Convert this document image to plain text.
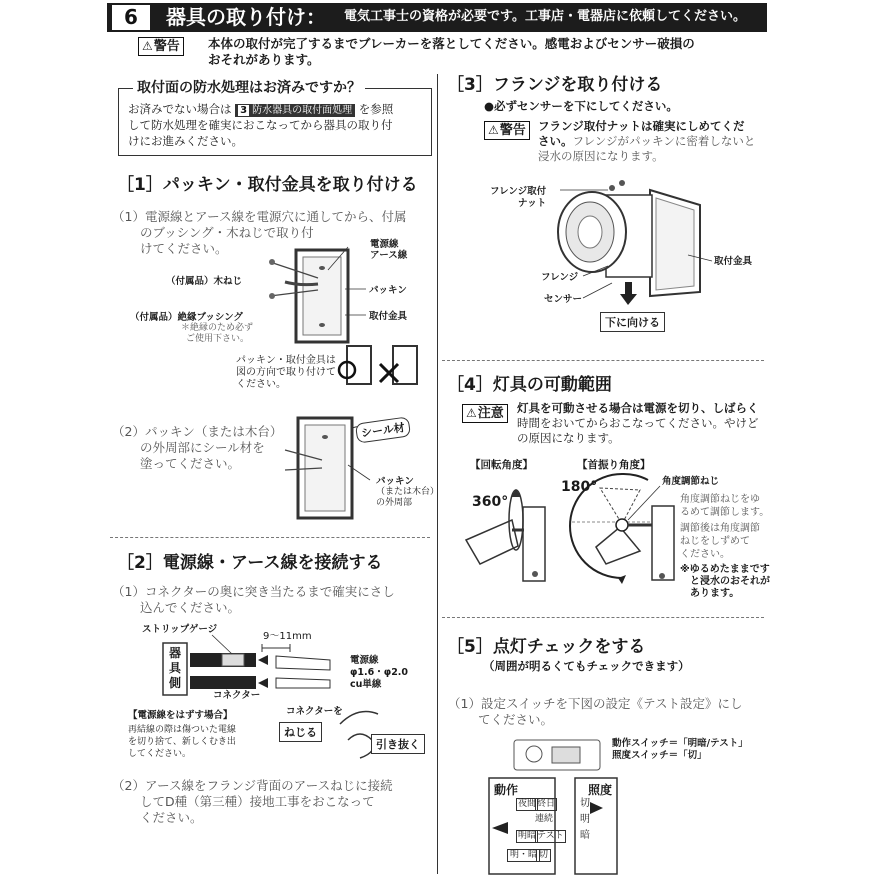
6	器具の取り付け： 電気工事士の資格が必要です。工事店・電器店に依頼してください。
⚠警告	本体の取付が完了するまでブレーカーを落としてください。感電およびセンサー破損の
おそれがあります。
取付面の防水処理はお済みですか？
お済みでない場合は 3 防水器具の取付面処理 を参照
して防水処理を確実におこなってから器具の取り付
けにお進みください。
［1］パッキン・取付金具を取り付ける
（1）電源線とアース線を電源穴に通してから、付属
のブッシング・木ねじで取り付
けてください。	電源線
アース線
（付属品）木ねじ
パッキン
（付属品）絶縁ブッシング
＊絶縁のため必ず
ご使用下さい。
取付金具
パッキン・取付金具は
図の方向で取り付けて
ください。
（2）パッキン（または木台）
の外周部にシール材を
塗ってください。
シール材
パッキン
（または木台）
の外周部
［2］電源線・アース線を接続する
（1）コネクターの奥に突き当たるまで確実にさし
込んでください。
ストリップゲージ
9～11mm
器具側
電源線
φ1.6・φ2.0
cu単線
コネクター
【電源線をはずす場合】
再結線の際は傷ついた電線
を切り捨て、新しくむき出
してください。
コネクターを
ねじる
引き抜く
（2）アース線をフランジ背面のアースねじに接続
してD種（第三種）接地工事をおこなって
ください。
［3］フランジを取り付ける
●必ずセンサーを下にしてください。
⚠警告	フランジ取付ナットは確実にしめてくだ
さい。フレンジがパッキンに密着しないと
浸水の原因になります。
フレンジ取付
ナット
取付金具
フレンジ
センサー
下に向ける
［4］灯具の可動範囲
⚠注意	灯具を可動させる場合は電源を切り、しばらく
時間をおいてからおこなってください。やけど
の原因になります。
【回転角度】	【首振り角度】
360°
180°	角度調節ねじ
角度調節ねじをゆ
るめて調節します。
調節後は角度調節
ねじをしずめて
ください。
※ゆるめたままです
と浸水のおそれが
あります。
［5］点灯チェックをする
（周囲が明るくてもチェックできます）
（1）設定スイッチを下図の設定《テスト設定》にし
てください。
動作スイッチ＝「明暗/テスト」
照度スイッチ＝「切」
動作	照度
夜間 終日
連続
明暗 テスト
切
明
暗
明・暗 切
